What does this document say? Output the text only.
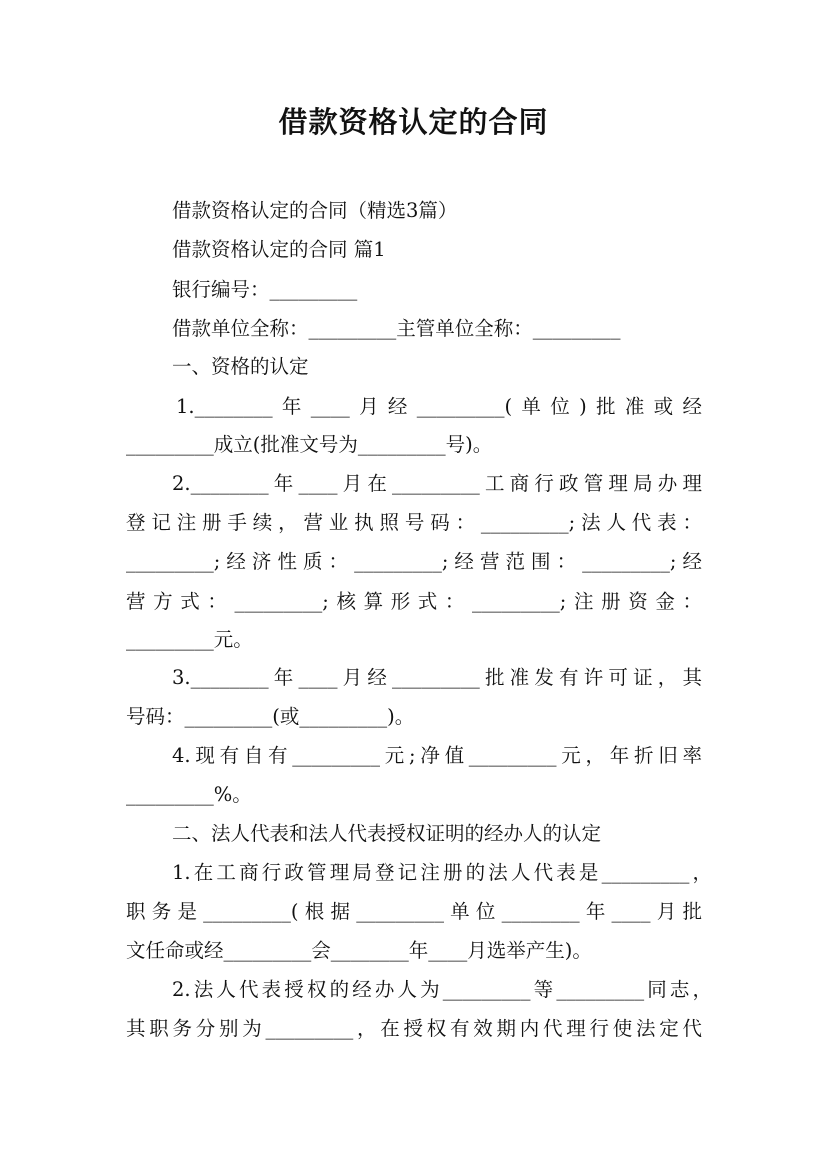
借款资格认定的合同
借款资格认定的合同（精选3篇）
借款资格认定的合同 篇1
银行编号：_________
借款单位全称：_________主管单位全称：_________
一、资格的认定
1.________年____月经_________(单位)批准或经
_________成立(批准文号为_________号)。
2.________年____月在_________工商行政管理局办理
登记注册手续，营业执照号码：_________;法人代表：
_________;经济性质：_________;经营范围：_________;经
营方式：_________;核算形式：_________;注册资金：
_________元。
3.________年____月经_________批准发有许可证，其
号码：_________(或_________)。
4.现有自有_________元;净值_________元，年折旧率
_________%。
二、法人代表和法人代表授权证明的经办人的认定
1.在工商行政管理局登记注册的法人代表是_________，
职务是_________(根据_________单位________年____月批
文任命或经_________会________年____月选举产生)。
2.法人代表授权的经办人为_________等_________同志，
其职务分别为_________，在授权有效期内代理行使法定代
